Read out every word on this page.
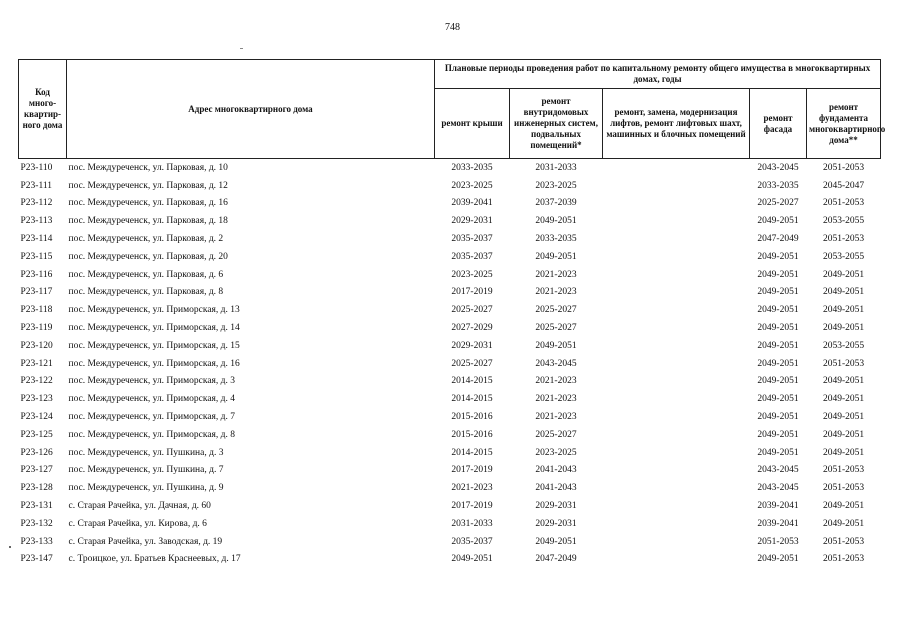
748
Код много-квартир-ного дома	Адрес многоквартирного дома	Плановые периоды проведения работ по капитальному ремонту общего имущества в многоквартирных домах, годы				
		ремонт крыши	ремонт внутридомовых инженерных систем, подвальных помещений*	ремонт, замена, модернизация лифтов, ремонт лифтовых шахт, машинных и блочных помещений	ремонт фасада	ремонт фундамента многоквартирного дома**
Р23-110	пос. Междуреченск, ул. Парковая, д. 10	2033-2035	2031-2033		2043-2045	2051-2053
Р23-111	пос. Междуреченск, ул. Парковая, д. 12	2023-2025	2023-2025		2033-2035	2045-2047
Р23-112	пос. Междуреченск, ул. Парковая, д. 16	2039-2041	2037-2039		2025-2027	2051-2053
Р23-113	пос. Междуреченск, ул. Парковая, д. 18	2029-2031	2049-2051		2049-2051	2053-2055
Р23-114	пос. Междуреченск, ул. Парковая, д. 2	2035-2037	2033-2035		2047-2049	2051-2053
Р23-115	пос. Междуреченск, ул. Парковая, д. 20	2035-2037	2049-2051		2049-2051	2053-2055
Р23-116	пос. Междуреченск, ул. Парковая, д. 6	2023-2025	2021-2023		2049-2051	2049-2051
Р23-117	пос. Междуреченск, ул. Парковая, д. 8	2017-2019	2021-2023		2049-2051	2049-2051
Р23-118	пос. Междуреченск, ул. Приморская, д. 13	2025-2027	2025-2027		2049-2051	2049-2051
Р23-119	пос. Междуреченск, ул. Приморская, д. 14	2027-2029	2025-2027		2049-2051	2049-2051
Р23-120	пос. Междуреченск, ул. Приморская, д. 15	2029-2031	2049-2051		2049-2051	2053-2055
Р23-121	пос. Междуреченск, ул. Приморская, д. 16	2025-2027	2043-2045		2049-2051	2051-2053
Р23-122	пос. Междуреченск, ул. Приморская, д. 3	2014-2015	2021-2023		2049-2051	2049-2051
Р23-123	пос. Междуреченск, ул. Приморская, д. 4	2014-2015	2021-2023		2049-2051	2049-2051
Р23-124	пос. Междуреченск, ул. Приморская, д. 7	2015-2016	2021-2023		2049-2051	2049-2051
Р23-125	пос. Междуреченск, ул. Приморская, д. 8	2015-2016	2025-2027		2049-2051	2049-2051
Р23-126	пос. Междуреченск, ул. Пушкина, д. 3	2014-2015	2023-2025		2049-2051	2049-2051
Р23-127	пос. Междуреченск, ул. Пушкина, д. 7	2017-2019	2041-2043		2043-2045	2051-2053
Р23-128	пос. Междуреченск, ул. Пушкина, д. 9	2021-2023	2041-2043		2043-2045	2051-2053
Р23-131	с. Старая Рачейка, ул. Дачная, д. 60	2017-2019	2029-2031		2039-2041	2049-2051
Р23-132	с. Старая Рачейка, ул. Кирова, д. 6	2031-2033	2029-2031		2039-2041	2049-2051
Р23-133	с. Старая Рачейка, ул. Заводская, д. 19	2035-2037	2049-2051		2051-2053	2051-2053
Р23-147	с. Троицкое, ул. Братьев Краснеевых, д. 17	2049-2051	2047-2049		2049-2051	2051-2053
